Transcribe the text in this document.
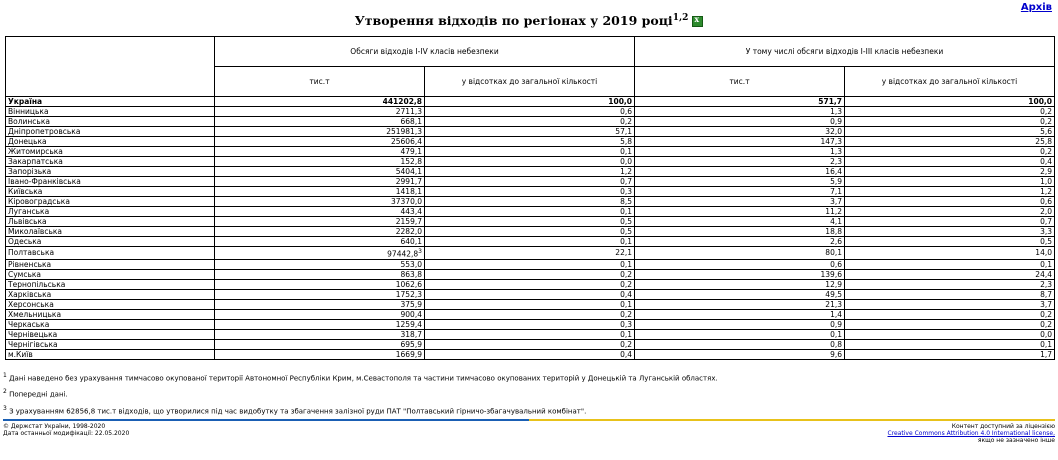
Архів
Утворення відходів по регіонах у 2019 році$^{1,2}$x
	Обсяги відходів I-IV класів небезпеки		У тому числі обсяги відходів I-III класів небезпеки	
	тис.т	у відсотках до загальної кількості	тис.т	у відсотках до загальної кількості
Україна	441202,8	100,0	571,7	100,0
Вінницька	2711,3	0,6	1,3	0,2
Волинська	668,1	0,2	0,9	0,2
Дніпропетровська	251981,3	57,1	32,0	5,6
Донецька	25606,4	5,8	147,3	25,8
Житомирська	479,1	0,1	1,3	0,2
Закарпатська	152,8	0,0	2,3	0,4
Запорізька	5404,1	1,2	16,4	2,9
Івано-Франківська	2991,7	0,7	5,9	1,0
Київська	1418,1	0,3	7,1	1,2
Кіровоградська	37370,0	8,5	3,7	0,6
Луганська	443,4	0,1	11,2	2,0
Львівська	2159,7	0,5	4,1	0,7
Миколаївська	2282,0	0,5	18,8	3,3
Одеська	640,1	0,1	2,6	0,5
Полтавська	97442,8$^3$	22,1	80,1	14,0
Рівненська	553,0	0,1	0,6	0,1
Сумська	863,8	0,2	139,6	24,4
Тернопільська	1062,6	0,2	12,9	2,3
Харківська	1752,3	0,4	49,5	8,7
Херсонська	375,9	0,1	21,3	3,7
Хмельницька	900,4	0,2	1,4	0,2
Черкаська	1259,4	0,3	0,9	0,2
Чернівецька	318,7	0,1	0,1	0,0
Чернігівська	695,9	0,2	0,8	0,1
м.Київ	1669,9	0,4	9,6	1,7
$^1$ Дані наведено без урахування тимчасово окупованої території Автономної Республіки Крим, м.Севастополя та частини тимчасово окупованих територій у Донецькій та Луганській областях.
$^2$ Попередні дані.
$^3$ З урахуванням 62856,8 тис.т відходів, що утворилися під час видобутку та збагачення залізної руди ПАТ "Полтавський гірничо-збагачувальний комбінат".
© Держстат України, 1998-2020
Дата останньої модифікації: 22.05.2020
Контент доступний за ліцензією
Creative Commons Attribution 4.0 International license,
якщо не зазначено інше
